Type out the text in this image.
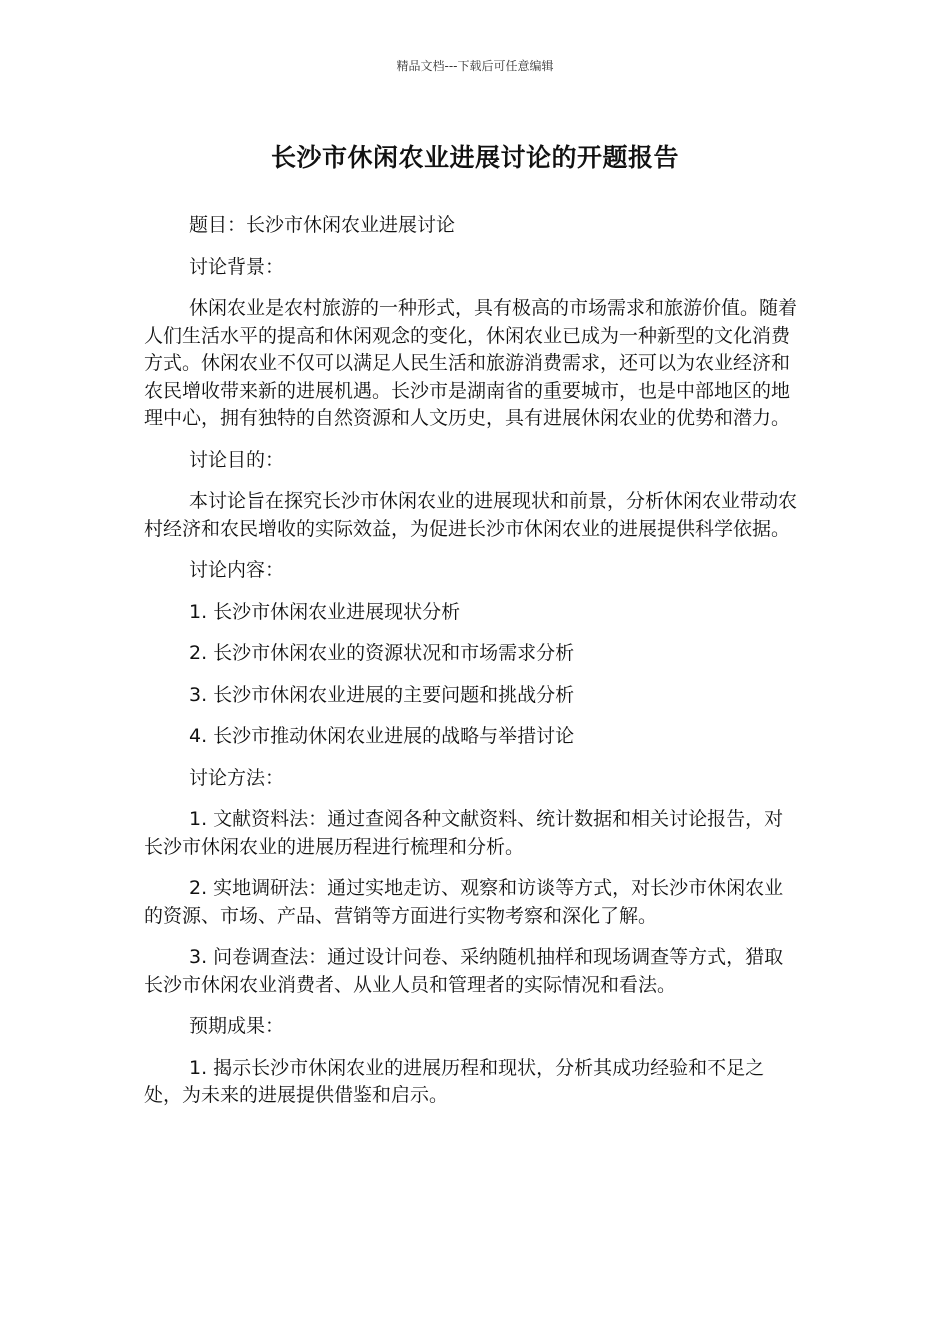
精品文档---下载后可任意编辑
长沙市休闲农业进展讨论的开题报告

题目：长沙市休闲农业进展讨论

讨论背景：

休闲农业是农村旅游的一种形式，具有极高的市场需求和旅游价值。随着人们生活水平的提高和休闲观念的变化，休闲农业已成为一种新型的文化消费方式。休闲农业不仅可以满足人民生活和旅游消费需求，还可以为农业经济和农民增收带来新的进展机遇。长沙市是湖南省的重要城市，也是中部地区的地理中心，拥有独特的自然资源和人文历史，具有进展休闲农业的优势和潜力。

讨论目的：

本讨论旨在探究长沙市休闲农业的进展现状和前景，分析休闲农业带动农村经济和农民增收的实际效益，为促进长沙市休闲农业的进展提供科学依据。

讨论内容：

1. 长沙市休闲农业进展现状分析

2. 长沙市休闲农业的资源状况和市场需求分析

3. 长沙市休闲农业进展的主要问题和挑战分析

4. 长沙市推动休闲农业进展的战略与举措讨论

讨论方法：

1. 文献资料法：通过查阅各种文献资料、统计数据和相关讨论报告，对长沙市休闲农业的进展历程进行梳理和分析。

2. 实地调研法：通过实地走访、观察和访谈等方式，对长沙市休闲农业的资源、市场、产品、营销等方面进行实物考察和深化了解。

3. 问卷调查法：通过设计问卷、采纳随机抽样和现场调查等方式，猎取长沙市休闲农业消费者、从业人员和管理者的实际情况和看法。

预期成果：

1. 揭示长沙市休闲农业的进展历程和现状，分析其成功经验和不足之处，为未来的进展提供借鉴和启示。
